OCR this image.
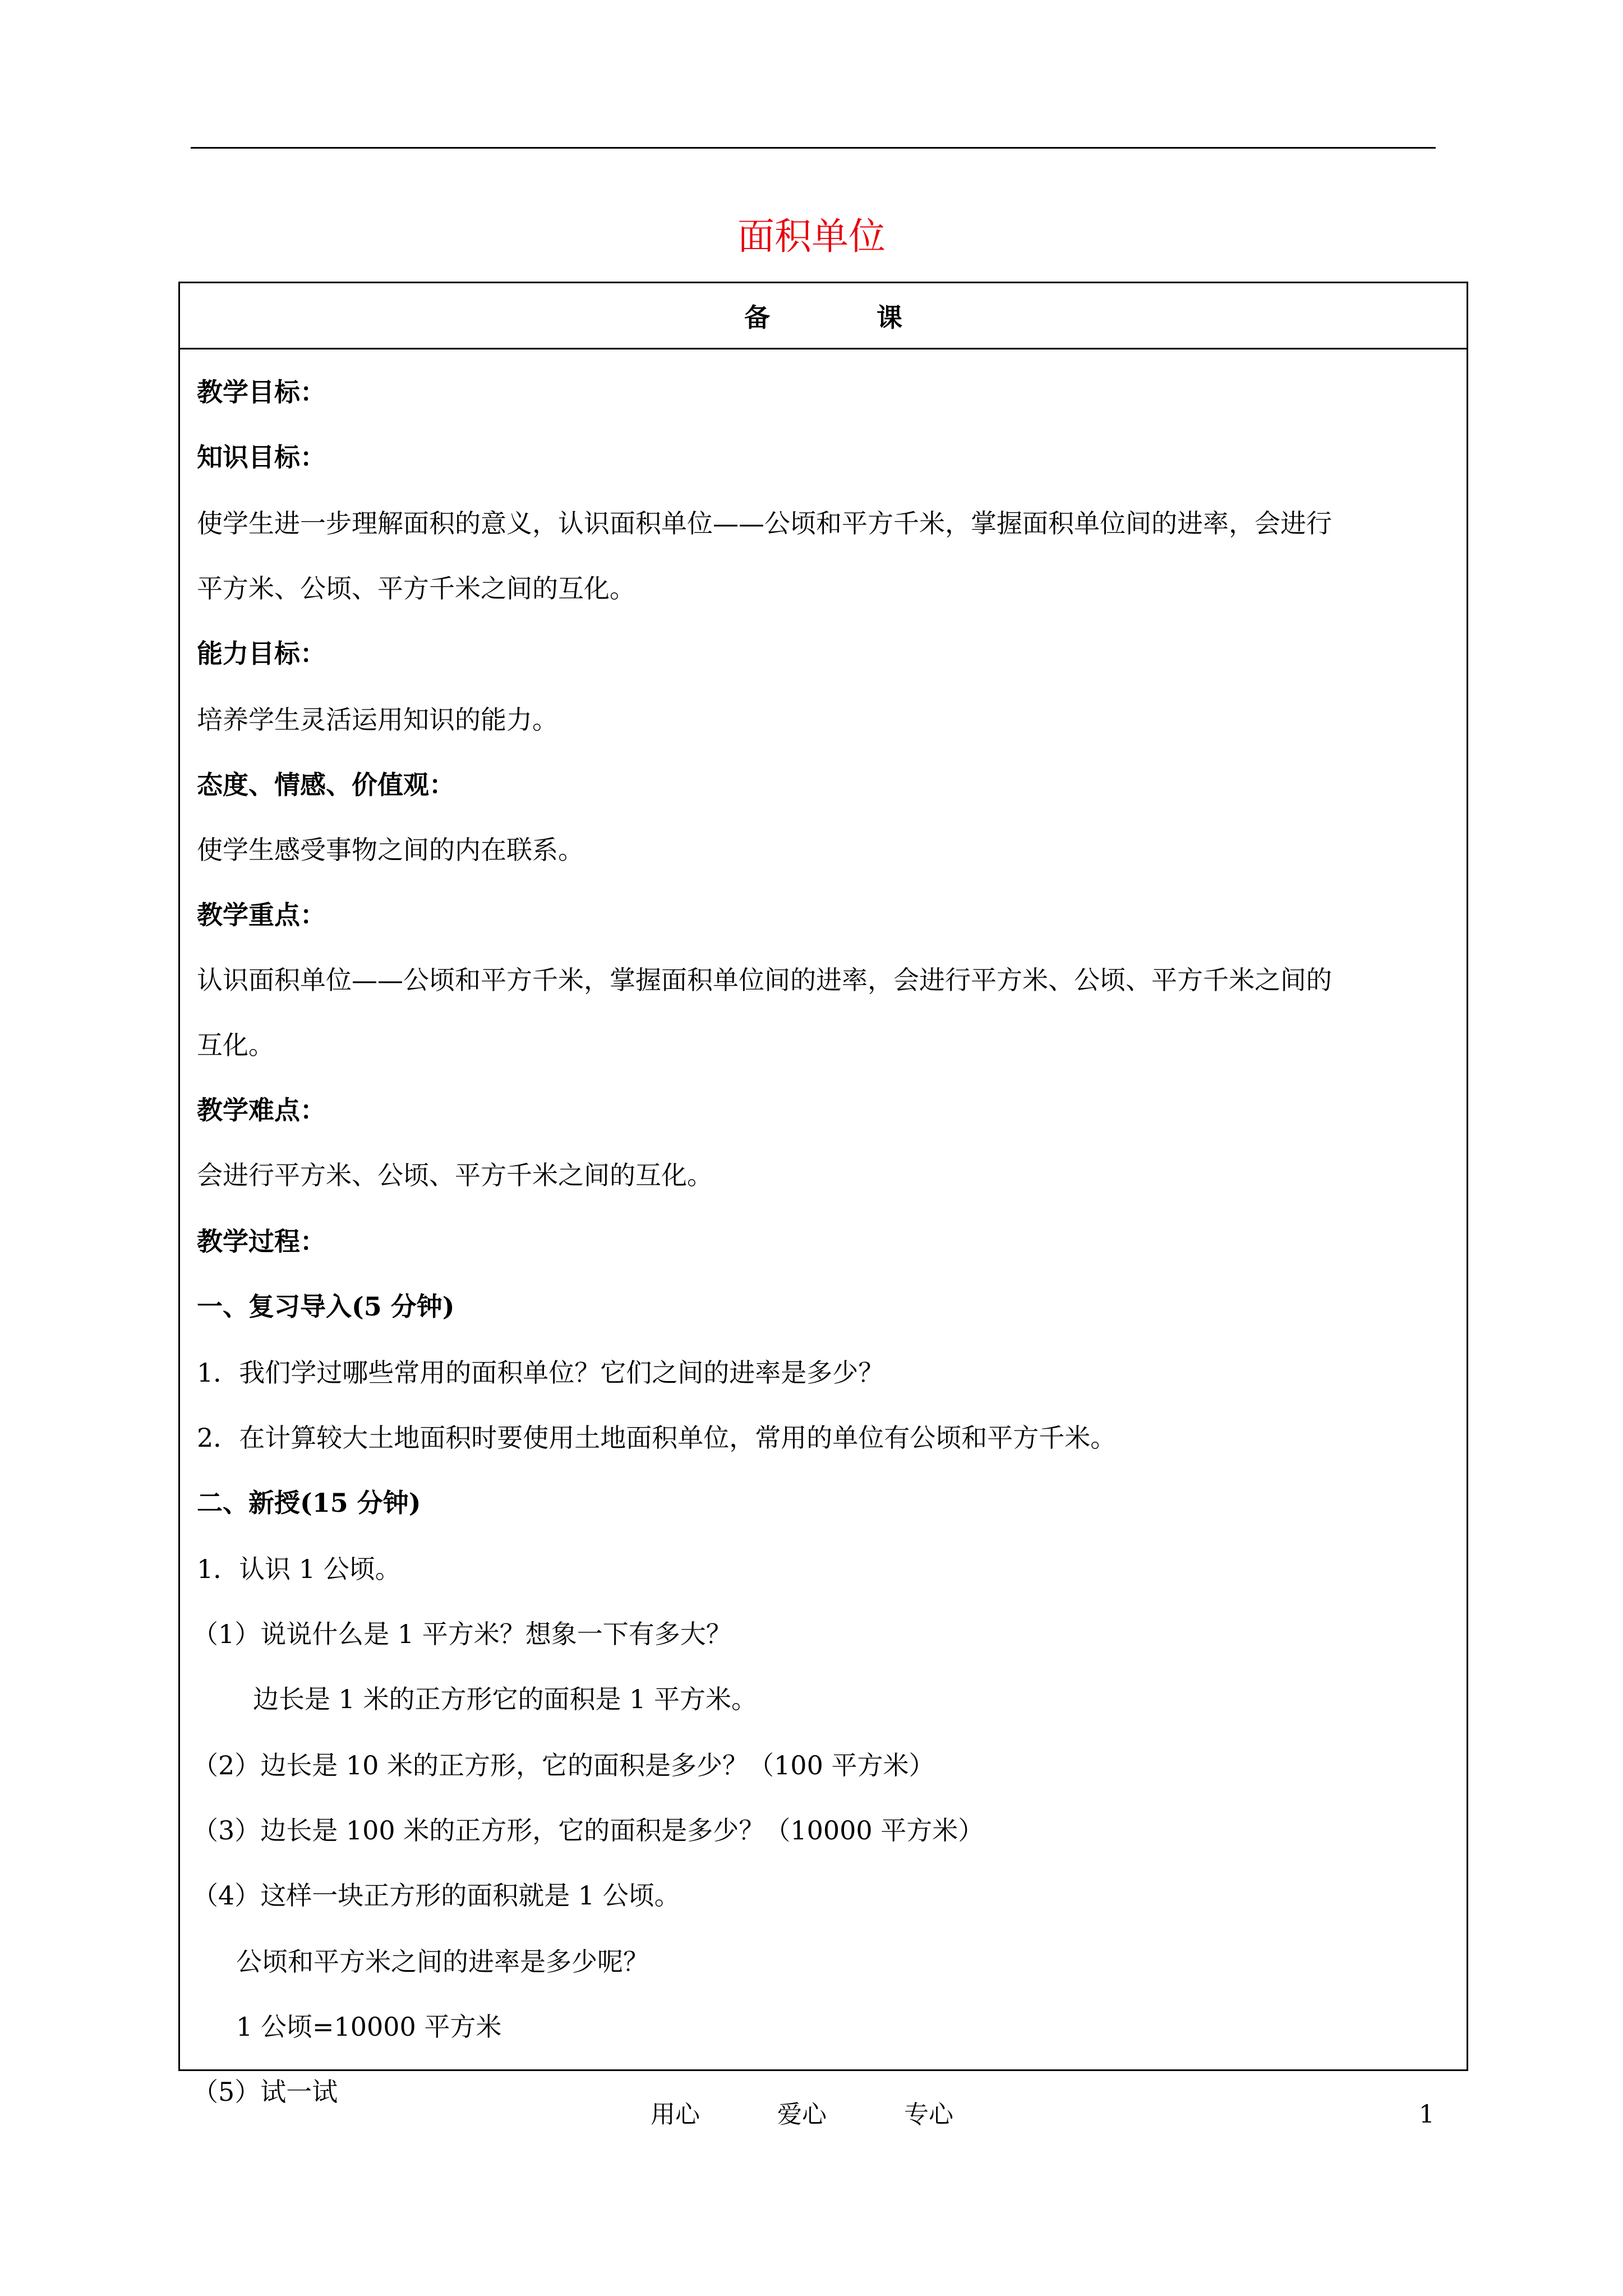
面积单位
备	课
教学目标：
知识目标：
使学生进一步理解面积的意义，认识面积单位——公顷和平方千米，掌握面积单位间的进率，会进行
平方米、公顷、平方千米之间的互化。
能力目标：
培养学生灵活运用知识的能力。
态度、情感、价值观：
使学生感受事物之间的内在联系。
教学重点：
认识面积单位——公顷和平方千米，掌握面积单位间的进率，会进行平方米、公顷、平方千米之间的
互化。
教学难点：
会进行平方米、公顷、平方千米之间的互化。
教学过程：
一、复习导入(5 分钟)
1．我们学过哪些常用的面积单位？它们之间的进率是多少？
2．在计算较大土地面积时要使用土地面积单位，常用的单位有公顷和平方千米。
二、新授(15 分钟)
1．认识 1 公顷。
（1）说说什么是 1 平方米？想象一下有多大？
边长是 1 米的正方形它的面积是 1 平方米。
（2）边长是 10 米的正方形，它的面积是多少？（100 平方米）
（3）边长是 100 米的正方形，它的面积是多少？（10000 平方米）
（4）这样一块正方形的面积就是 1 公顷。
公顷和平方米之间的进率是多少呢？
1 公顷=10000 平方米
（5）试一试
用心	爱心	专心	1
